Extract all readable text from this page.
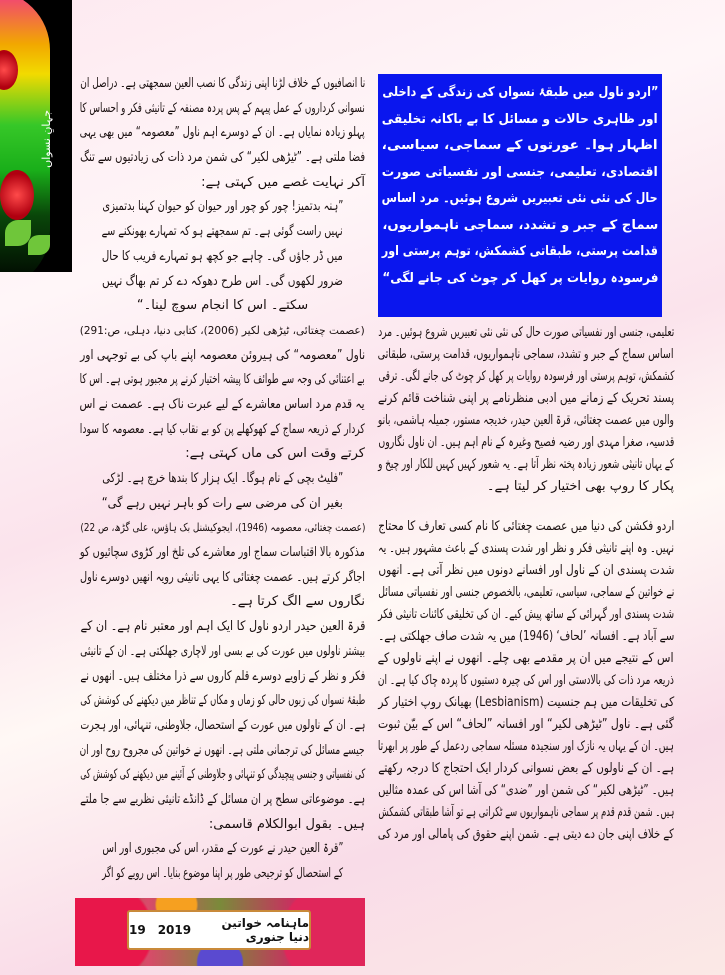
جہانِ نسواں
”اردو ناول میں طبقۂ نسواں کی زندگی کے داخلی
اور ظاہری حالات و مسائل کا بے باکانہ تخلیقی
اظہار ہوا۔ عورتوں کے سماجی، سیاسی،
اقتصادی، تعلیمی، جنسی اور نفسیاتی صورت
حال کی نئی نئی تعبیریں شروع ہوئیں۔ مرد اساس
سماج کے جبر و تشدد، سماجی ناہمواریوں،
قدامت پرستی، طبقاتی کشمکش، توہم پرستی اور
فرسودہ روایات پر کھل کر چوٹ کی جانے لگی“
نا انصافیوں کے خلاف لڑنا اپنی زندگی کا نصب العین سمجھتی ہے۔ دراصل ان
نسوانی کرداروں کے عمل پیہم کے پس پردہ مصنفہ کے تانیثی فکر و احساس کا
پہلو زیادہ نمایاں ہے۔ ان کے دوسرے اہم ناول ”معصومہ“ میں بھی یہی
فضا ملتی ہے۔ ”ٹیڑھی لکیر“ کی شمن مرد ذات کی زیادتیوں سے تنگ
آکر نہایت غصے میں کہتی ہے:
”ہنہ بدتمیز! چور کو چور اور حیوان کو حیوان کہنا بدتمیزی
نہیں راست گوئی ہے۔ تم سمجھتے ہو کہ تمہارے بھونکنے سے
میں ڈر جاؤں گی۔ چاہے جو کچھ ہو تمہارے فریب کا حال
ضرور لکھوں گی۔ اس طرح دھوکہ دے کر تم بھاگ نہیں
سکتے۔ اس کا انجام سوچ لینا۔“
(عصمت چغتائی، ٹیڑھی لکیر (2006)، کتابی دنیا، دہلی، ص:291)
ناول ”معصومہ“ کی ہیروئن معصومہ اپنے باپ کی بے توجہی اور
بے اعتنائی کی وجہ سے طوائف کا پیشہ اختیار کرنے پر مجبور ہوتی ہے۔ اس کا
یہ قدم مرد اساس معاشرے کے لیے عبرت ناک ہے۔ عصمت نے اس
کردار کے ذریعہ سماج کے کھوکھلے پن کو بے نقاب کیا ہے۔ معصومہ کا سودا
کرتے وقت اس کی ماں کہتی ہے:
”فلیٹ بچی کے نام ہوگا۔ ایک ہزار کا بندھا خرچ ہے۔ لڑکی
بغیر ان کی مرضی سے رات کو باہر نہیں رہے گی“
(عصمت چغتائی، معصومہ (1946)، ایجوکیشنل بک ہاؤس، علی گڑھ، ص 22)
مذکورہ بالا اقتباسات سماج اور معاشرے کی تلخ اور کڑوی سچائیوں کو
اجاگر کرتے ہیں۔ عصمت چغتائی کا یہی تانیثی رویہ انھیں دوسرے ناول
نگاروں سے الگ کرتا ہے۔
قرۃ العین حیدر اردو ناول کا ایک اہم اور معتبر نام ہے۔ ان کے
بیشتر ناولوں میں عورت کی بے بسی اور لاچاری جھلکتی ہے۔ ان کے تانیثی
فکر و نظر کے زاویے دوسرے قلم کاروں سے ذرا مختلف ہیں۔ انھوں نے
طبقۂ نسواں کی زبوں حالی کو زماں و مکاں کے تناظر میں دیکھنے کی کوشش کی
ہے۔ ان کے ناولوں میں عورت کے استحصال، جلاوطنی، تنہائی، اور ہجرت
جیسے مسائل کی ترجمانی ملتی ہے۔ انھوں نے خواتین کی مجروح روح اور ان
کی نفسیاتی و جنسی پیچیدگی کو تنہائی و جلاوطنی کے آئینے میں دیکھنے کی کوشش کی
ہے۔ موضوعاتی سطح پر ان مسائل کے ڈانڈے تانیثی نظریے سے جا ملتے
ہیں۔ بقول ابوالکلام قاسمی:
”قرۃ العین حیدر نے عورت کے مقدر، اس کی مجبوری اور اس
کے استحصال کو ترجیحی طور پر اپنا موضوع بنایا۔ اس رویے کو اگر
تعلیمی، جنسی اور نفسیاتی صورت حال کی نئی نئی تعبیریں شروع ہوئیں۔ مرد
اساس سماج کے جبر و تشدد، سماجی ناہمواریوں، قدامت پرستی، طبقاتی
کشمکش، توہم پرستی اور فرسودہ روایات پر کھل کر چوٹ کی جانے لگی۔ ترقی
پسند تحریک کے زمانے میں ادبی منظرنامے پر اپنی شناخت قائم کرنے
والوں میں عصمت چغتائی، قرۃ العین حیدر، خدیجہ مستور، جمیلہ ہاشمی، بانو
قدسیہ، صغرا مہدی اور رضیہ فصیح وغیرہ کے نام اہم ہیں۔ ان ناول نگاروں
کے یہاں تانیثی شعور زیادہ پختہ نظر آتا ہے۔ یہ شعور کہیں کہیں للکار اور چیخ و
پکار کا روپ بھی اختیار کر لیتا ہے۔
اردو فکشن کی دنیا میں عصمت چغتائی کا نام کسی تعارف کا محتاج
نہیں۔ وہ اپنے تانیثی فکر و نظر اور شدت پسندی کے باعث مشہور ہیں۔ یہ
شدت پسندی ان کے ناول اور افسانے دونوں میں نظر آتی ہے۔ انھوں
نے خواتین کے سماجی، سیاسی، تعلیمی، بالخصوص جنسی اور نفسیاتی مسائل
شدت پسندی اور گہرائی کے ساتھ پیش کیے۔ ان کی تخلیقی کائنات تانیثی فکر
سے آباد ہے۔ افسانہ ’لحاف‘ (1946) میں یہ شدت صاف جھلکتی ہے۔
اس کے نتیجے میں ان پر مقدمے بھی چلے۔ انھوں نے اپنے ناولوں کے
ذریعہ مرد ذات کی بالادستی اور اس کی چیرہ دستیوں کا پردہ چاک کیا ہے۔ ان
کی تخلیقات میں ہم جنسیت (Lesbianism) بھیانک روپ اختیار کر
گئی ہے۔ ناول ”ٹیڑھی لکیر“ اور افسانہ ”لحاف“ اس کے بیّن ثبوت
ہیں۔ ان کے یہاں یہ نازک اور سنجیدہ مسئلہ سماجی ردعمل کے طور پر ابھرتا
ہے۔ ان کے ناولوں کے بعض نسوانی کردار ایک احتجاج کا درجہ رکھتے
ہیں۔ ”ٹیڑھی لکیر“ کی شمن اور ”ضدی“ کی آشا اس کی عمدہ مثالیں
ہیں۔ شمن قدم قدم پر سماجی ناہمواریوں سے ٹکراتی ہے تو آشا طبقاتی کشمکش
کے خلاف اپنی جان دے دیتی ہے۔ شمن اپنے حقوق کی پامالی اور مرد کی
ماہنامہ خواتین دنیا جنوری
2019
19
